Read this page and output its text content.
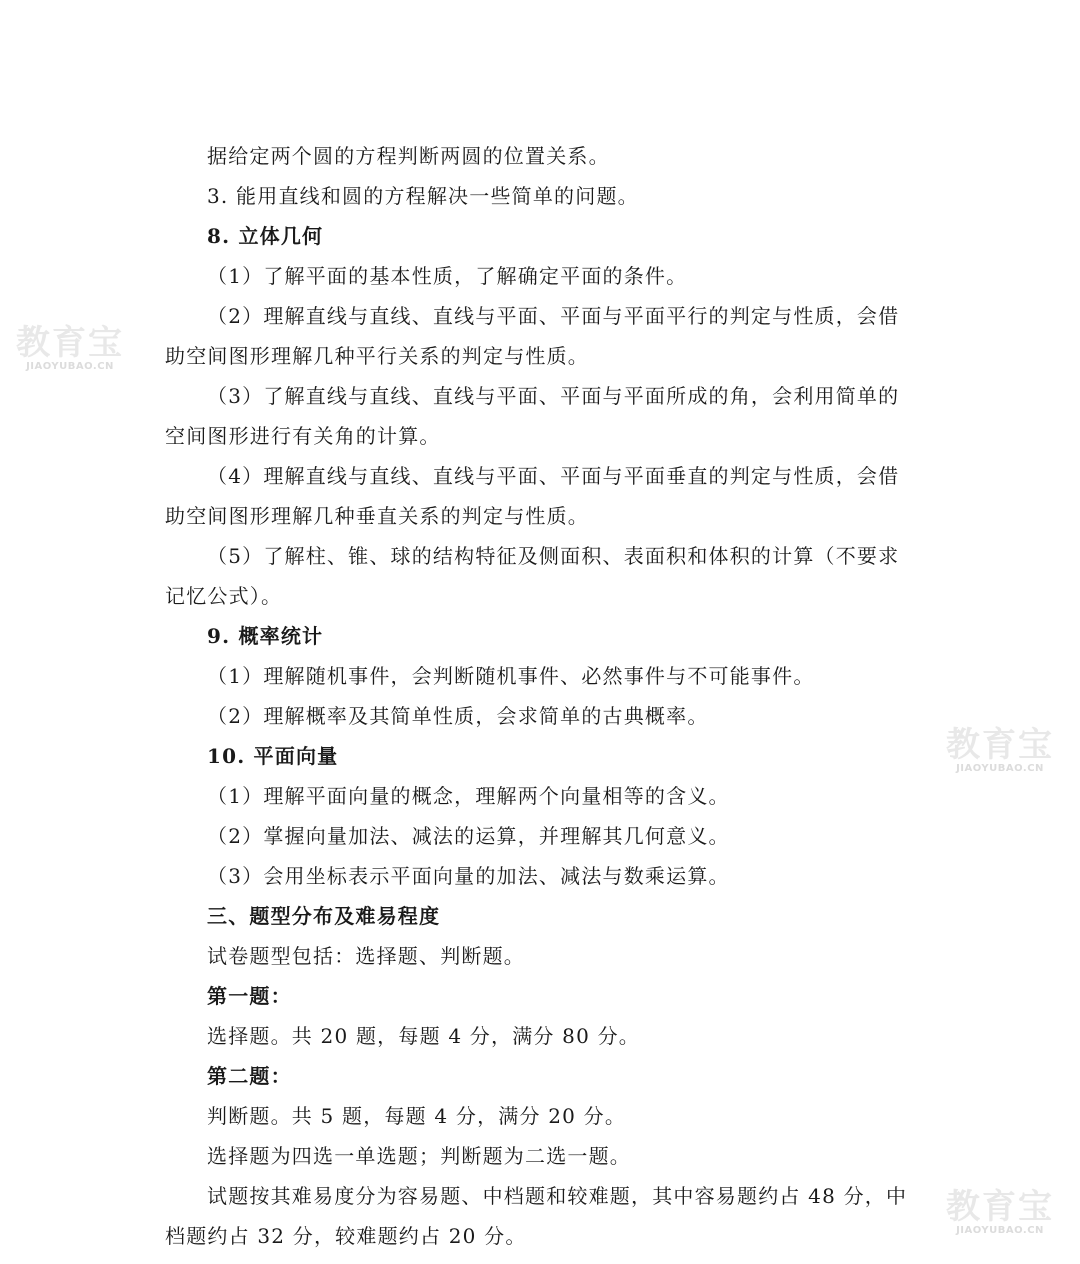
据给定两个圆的方程判断两圆的位置关系。
3. 能用直线和圆的方程解决一些简单的问题。
8. 立体几何
（1）了解平面的基本性质，了解确定平面的条件。
（2）理解直线与直线、直线与平面、平面与平面平行的判定与性质，会借
助空间图形理解几种平行关系的判定与性质。
（3）了解直线与直线、直线与平面、平面与平面所成的角，会利用简单的
空间图形进行有关角的计算。
（4）理解直线与直线、直线与平面、平面与平面垂直的判定与性质，会借
助空间图形理解几种垂直关系的判定与性质。
（5）了解柱、锥、球的结构特征及侧面积、表面积和体积的计算（不要求
记忆公式）。
9. 概率统计
（1）理解随机事件，会判断随机事件、必然事件与不可能事件。
（2）理解概率及其简单性质，会求简单的古典概率。
10. 平面向量
（1）理解平面向量的概念，理解两个向量相等的含义。
（2）掌握向量加法、减法的运算，并理解其几何意义。
（3）会用坐标表示平面向量的加法、减法与数乘运算。
三、题型分布及难易程度
试卷题型包括：选择题、判断题。
第一题：
选择题。共 20 题，每题 4 分，满分 80 分。
第二题：
判断题。共 5 题，每题 4 分，满分 20 分。
选择题为四选一单选题；判断题为二选一题。
试题按其难易度分为容易题、中档题和较难题，其中容易题约占 48 分，中
档题约占 32 分，较难题约占 20 分。
教育宝
JIAOYUBAO.CN
教育宝
JIAOYUBAO.CN
教育宝
JIAOYUBAO.CN
